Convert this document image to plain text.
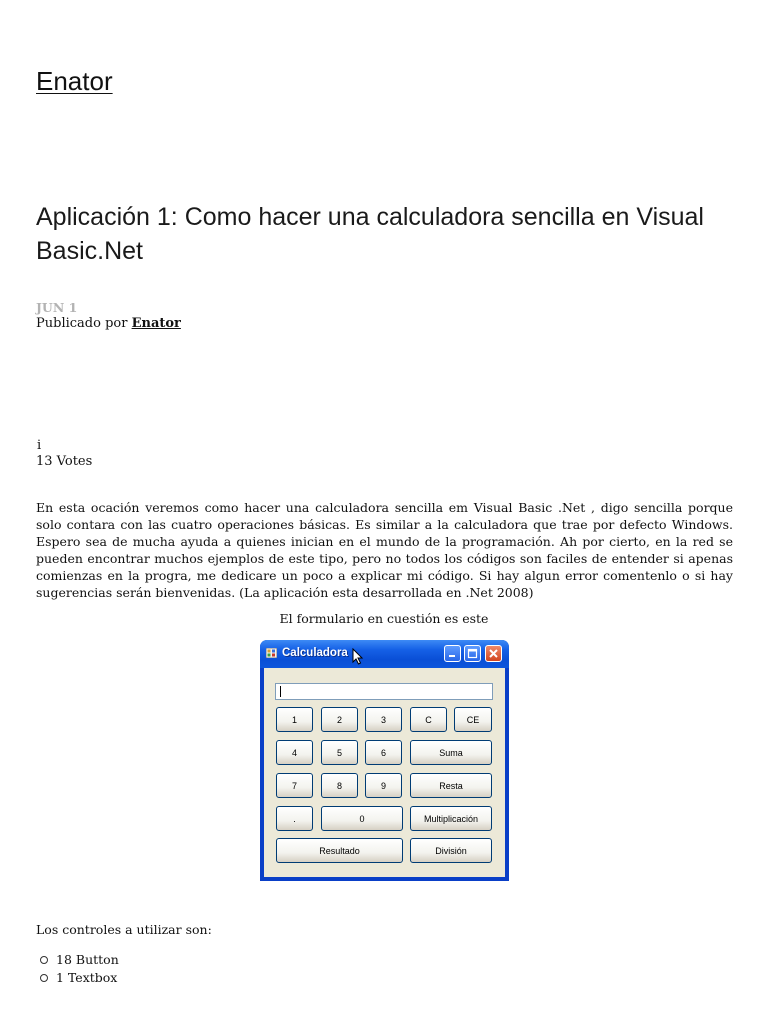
Enator
Aplicación 1: Como hacer una calculadora sencilla en Visual Basic.Net
JUN 1
Publicado por Enator
i
13 Votes

En esta ocación veremos como hacer una calculadora sencilla em Visual Basic .Net , digo sencilla porque solo contara con las cuatro operaciones básicas. Es similar a la calculadora que trae por defecto Windows. Espero sea de mucha ayuda a quienes inician en el mundo de la programación. Ah por cierto, en la red se pueden encontrar muchos ejemplos de este tipo, pero no todos los códigos son faciles de entender si apenas comienzas en la progra, me dedicare un poco a explicar mi código. Si hay algun error comentenlo o si hay sugerencias serán bienvenidas. (La aplicación esta desarrollada en .Net 2008)

El formulario en cuestión es este
Calculadora
1	2	3	C	CE
4	5	6	Suma
7	8	9	Resta
.	0	Multiplicación
Resultado	División
Los controles a utilizar son:
18 Button
1 Textbox
